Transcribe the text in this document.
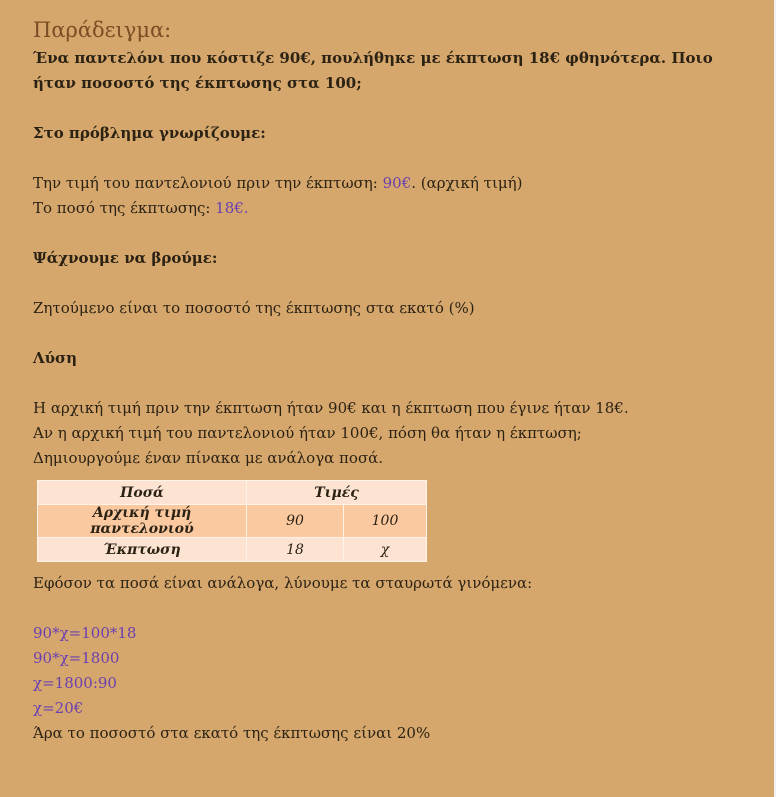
Παράδειγμα:

Ένα παντελόνι που κόστιζε 90€, πουλήθηκε με έκπτωση 18€ φθηνότερα. Ποιο ήταν ποσοστό της έκπτωσης στα 100;

Στο πρόβλημα γνωρίζουμε:

Την τιμή του παντελονιού πριν την έκπτωση: 90€. (αρχική τιμή)

Το ποσό της έκπτωσης: 18€.

Ψάχνουμε να βρούμε:

Ζητούμενο είναι το ποσοστό της έκπτωσης στα εκατό (%)

Λύση

Η αρχική τιμή πριν την έκπτωση ήταν 90€ και η έκπτωση που έγινε ήταν 18€.

Αν η αρχική τιμή του παντελονιού ήταν 100€, πόση θα ήταν η έκπτωση;

Δημιουργούμε έναν πίνακα με ανάλογα ποσά.

Ποσά	Τιμές	
Αρχική τιμή παντελονιού	90	100
Έκπτωση	18	χ

Εφόσον τα ποσά είναι ανάλογα, λύνουμε τα σταυρωτά γινόμενα:

90*χ=100*18

90*χ=1800

χ=1800:90

χ=20€

Άρα το ποσοστό στα εκατό της έκπτωσης είναι 20%
